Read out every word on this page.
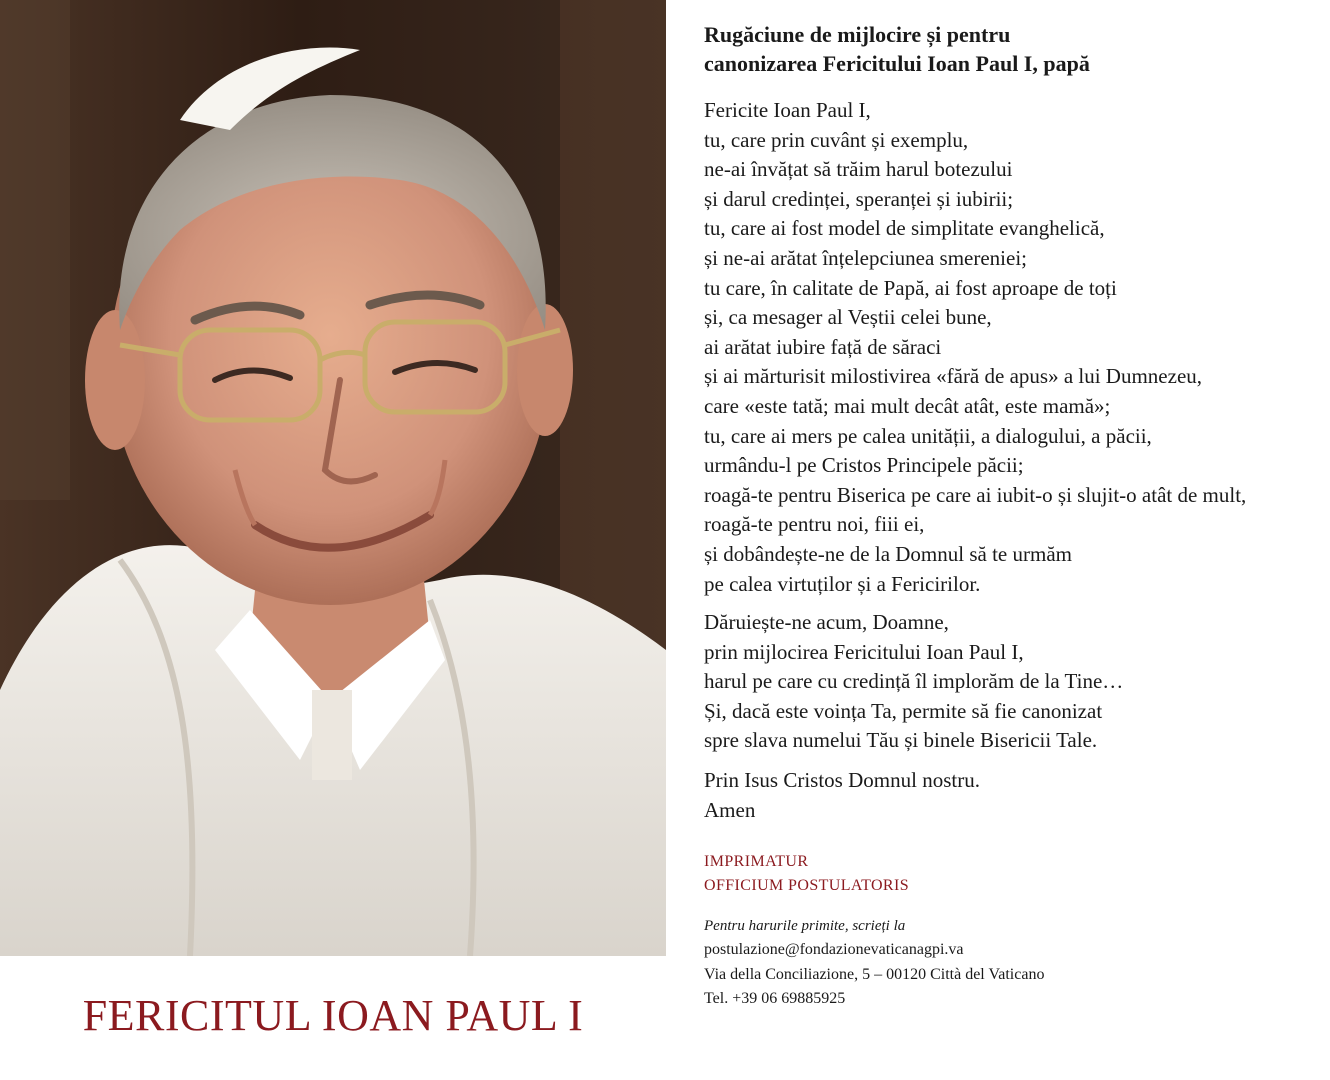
FERICITUL IOAN PAUL I
Rugăciune de mijlocire și pentru
canonizarea Fericitului Ioan Paul I, papă
Fericite Ioan Paul I,
tu, care prin cuvânt și exemplu,
ne-ai învățat să trăim harul botezului
și darul credinței, speranței și iubirii;
tu, care ai fost model de simplitate evanghelică,
și ne-ai arătat înțelepciunea smereniei;
tu care, în calitate de Papă, ai fost aproape de toți
și, ca mesager al Veștii celei bune,
ai arătat iubire față de săraci
și ai mărturisit milostivirea «fără de apus» a lui Dumnezeu,
care «este tată; mai mult decât atât, este mamă»;
tu, care ai mers pe calea unității, a dialogului, a păcii,
urmându-l pe Cristos Principele păcii;
roagă-te pentru Biserica pe care ai iubit-o și slujit-o atât de mult,
roagă-te pentru noi, fiii ei,
și dobândește-ne de la Domnul să te urmăm
pe calea virtuților și a Fericirilor.
Dăruiește-ne acum, Doamne,
prin mijlocirea Fericitului Ioan Paul I,
harul pe care cu credință îl implorăm de la Tine…
Și, dacă este voința Ta, permite să fie canonizat
spre slava numelui Tău și binele Bisericii Tale.
Prin Isus Cristos Domnul nostru.
Amen
IMPRIMATUR
OFFICIUM POSTULATORIS
Pentru harurile primite, scrieți la
postulazione@fondazionevaticanagpi.va
Via della Conciliazione, 5 – 00120 Città del Vaticano
Tel. +39 06 69885925
